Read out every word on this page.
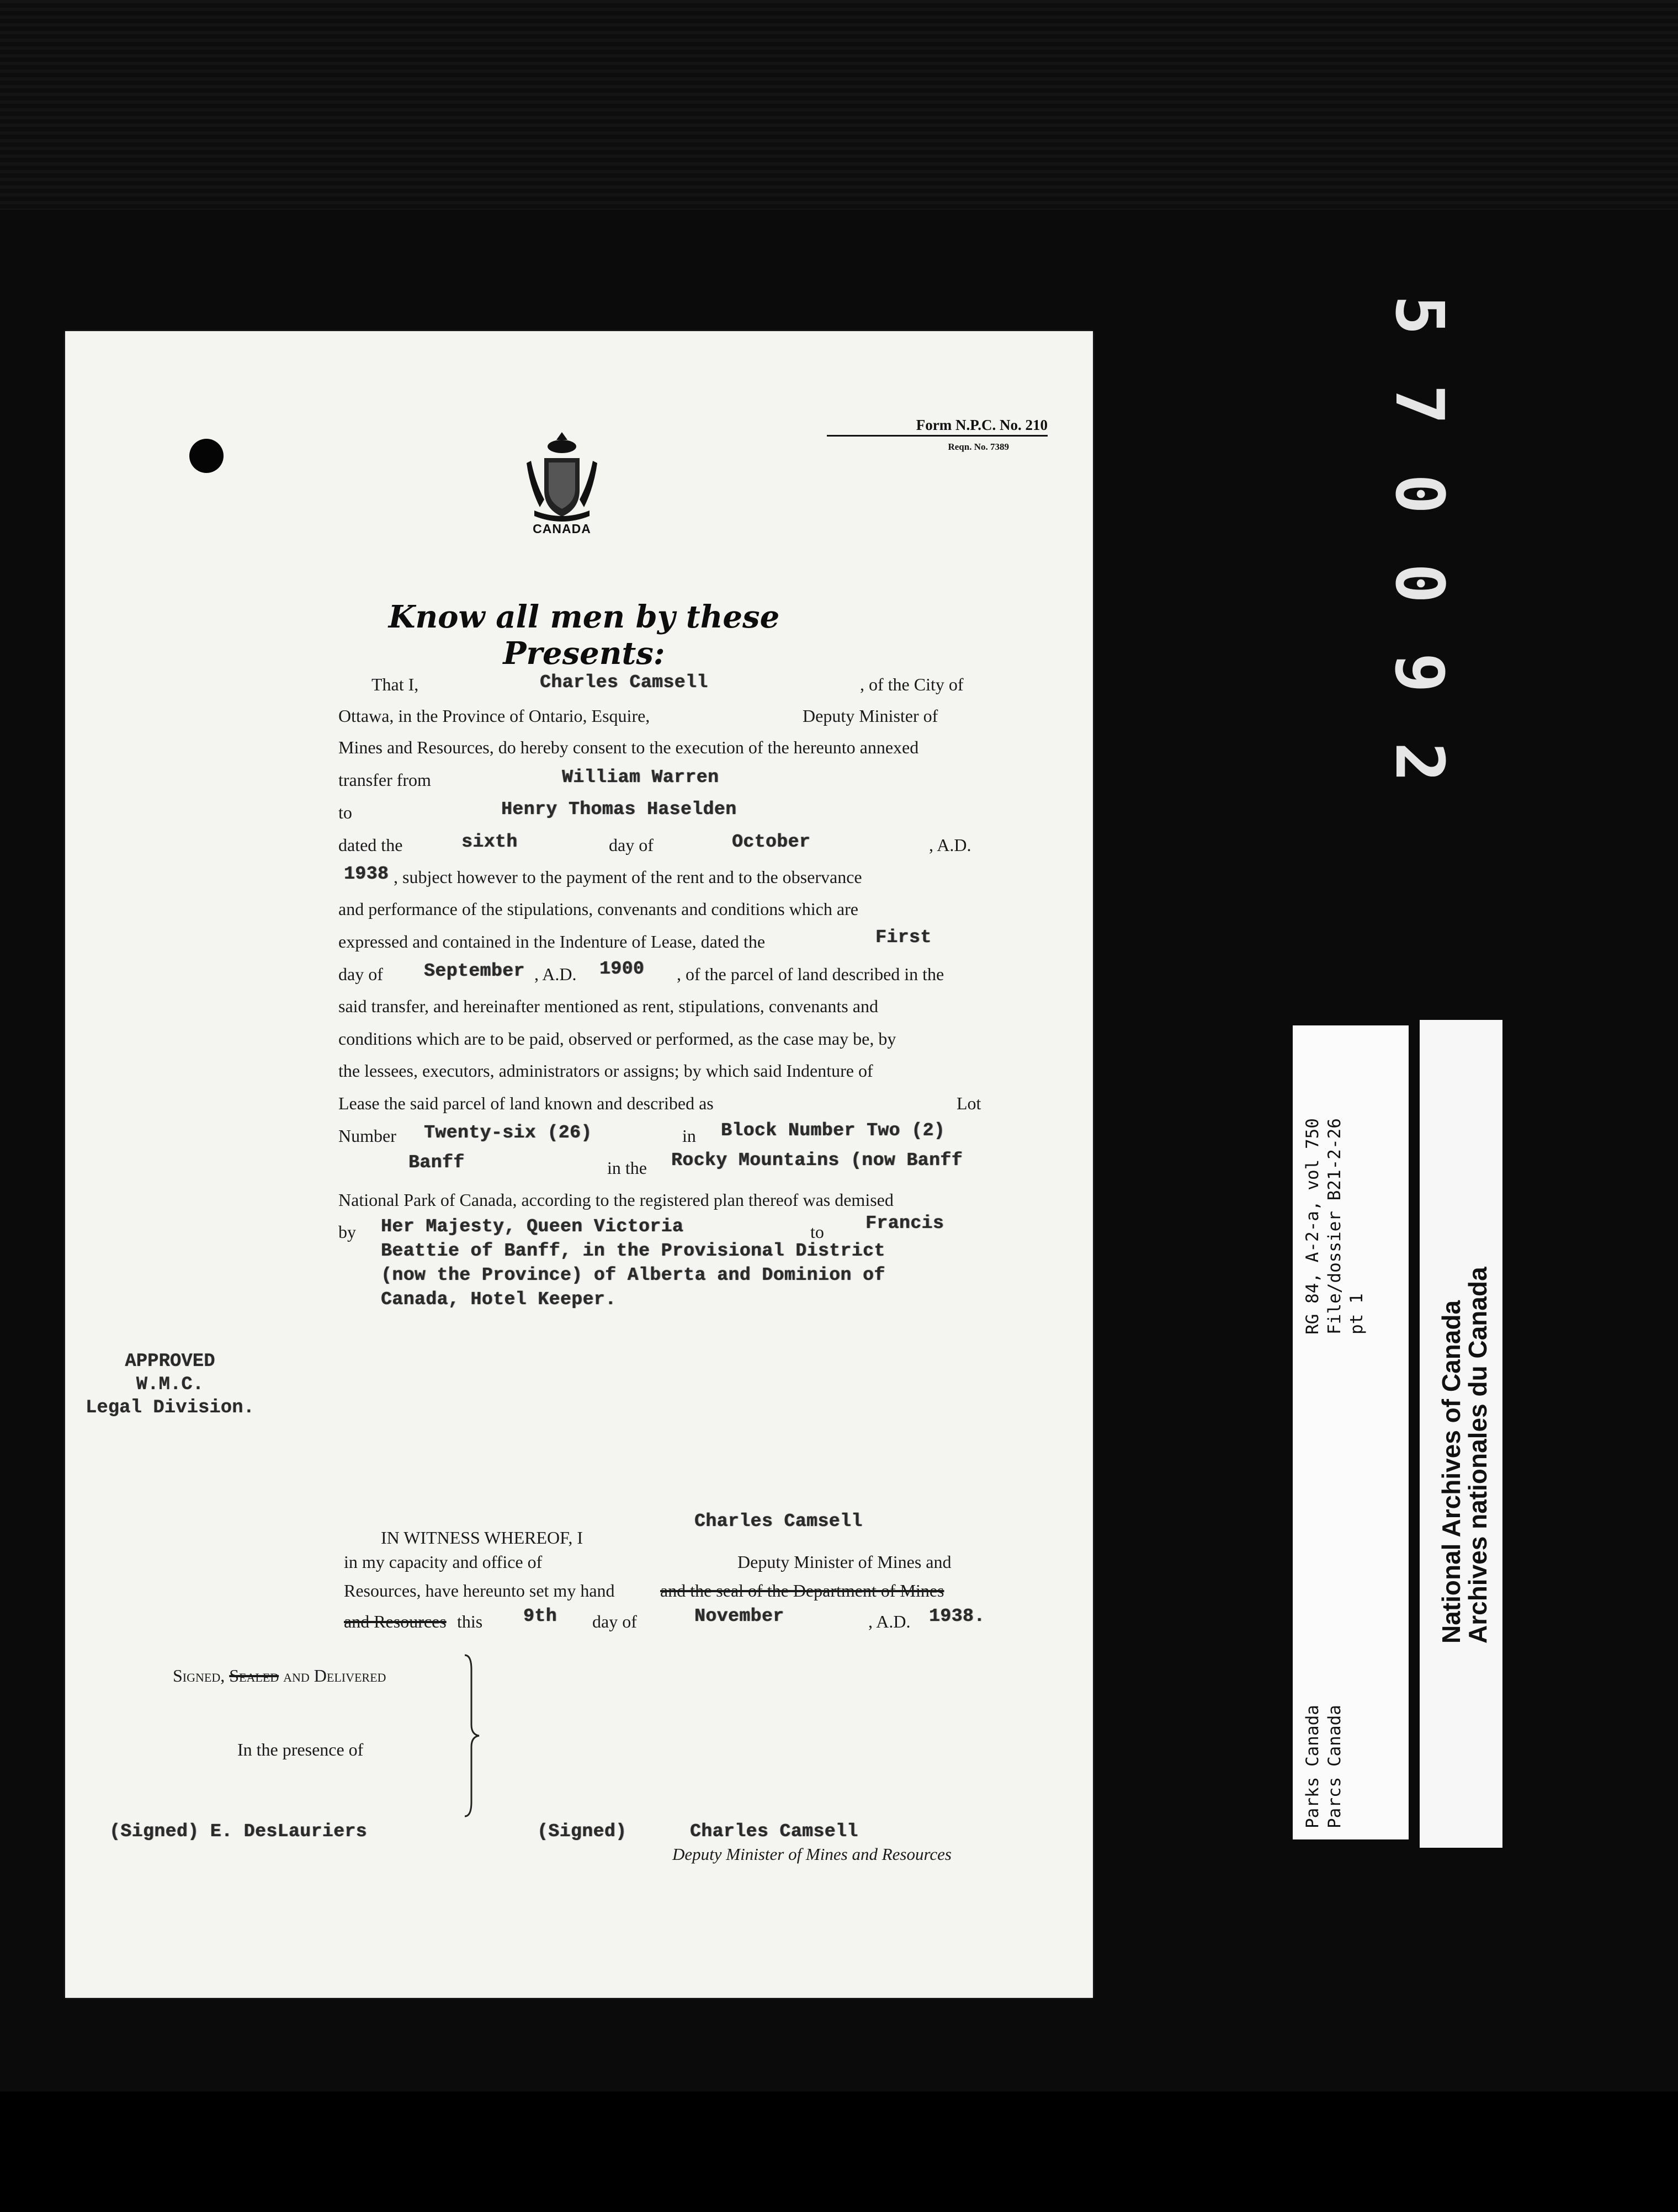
5
7
0
0
9
2
Form N.P.C. No. 210
Reqn. No. 7389
CANADA
Know all men by these Presents:
That I,	Charles Camsell	, of the City of
Ottawa, in the Province of Ontario, Esquire,	Deputy Minister of
Mines and Resources, do hereby consent to the execution of the hereunto annexed
transfer from	William Warren
to	Henry Thomas Haselden
dated the	sixth	day of	October	, A.D.
1938 , subject however to the payment of the rent and to the observance
and performance of the stipulations, convenants and conditions which are
expressed and contained in the Indenture of Lease, dated the	First
day of September , A.D. 1900 , of the parcel of land described in the
said transfer, and hereinafter mentioned as rent, stipulations, convenants and
conditions which are to be paid, observed or performed, as the case may be, by
the lessees, executors, administrators or assigns; by which said Indenture of
Lease the said parcel of land known and described as	Lot
Number Twenty-six (26)	in Block Number Two (2)
Banff	in the Rocky Mountains (now Banff
National Park of Canada, according to the registered plan thereof was demised
by Her Majesty, Queen Victoria	to Francis
Beattie of Banff, in the Provisional District
(now the Province) of Alberta and Dominion of
Canada, Hotel Keeper.
APPROVED
W.M.C.
Legal Division.
IN WITNESS WHEREOF, I
Charles Camsell
in my capacity and office of	Deputy Minister of Mines and
Resources, have hereunto set my hand	and the seal of the Department of Mines
and Resources this 9th day of	November	, A.D. 1938.
Signed, Sealed and Delivered
In the presence of
(Signed) E. DesLauriers	(Signed)	Charles Camsell
Deputy Minister of Mines and Resources
RG 84, A-2-a, vol 750 File/dossier B21-2-26 pt 1
Parks Canada Parcs Canada
National Archives of Canada
Archives nationales du Canada
